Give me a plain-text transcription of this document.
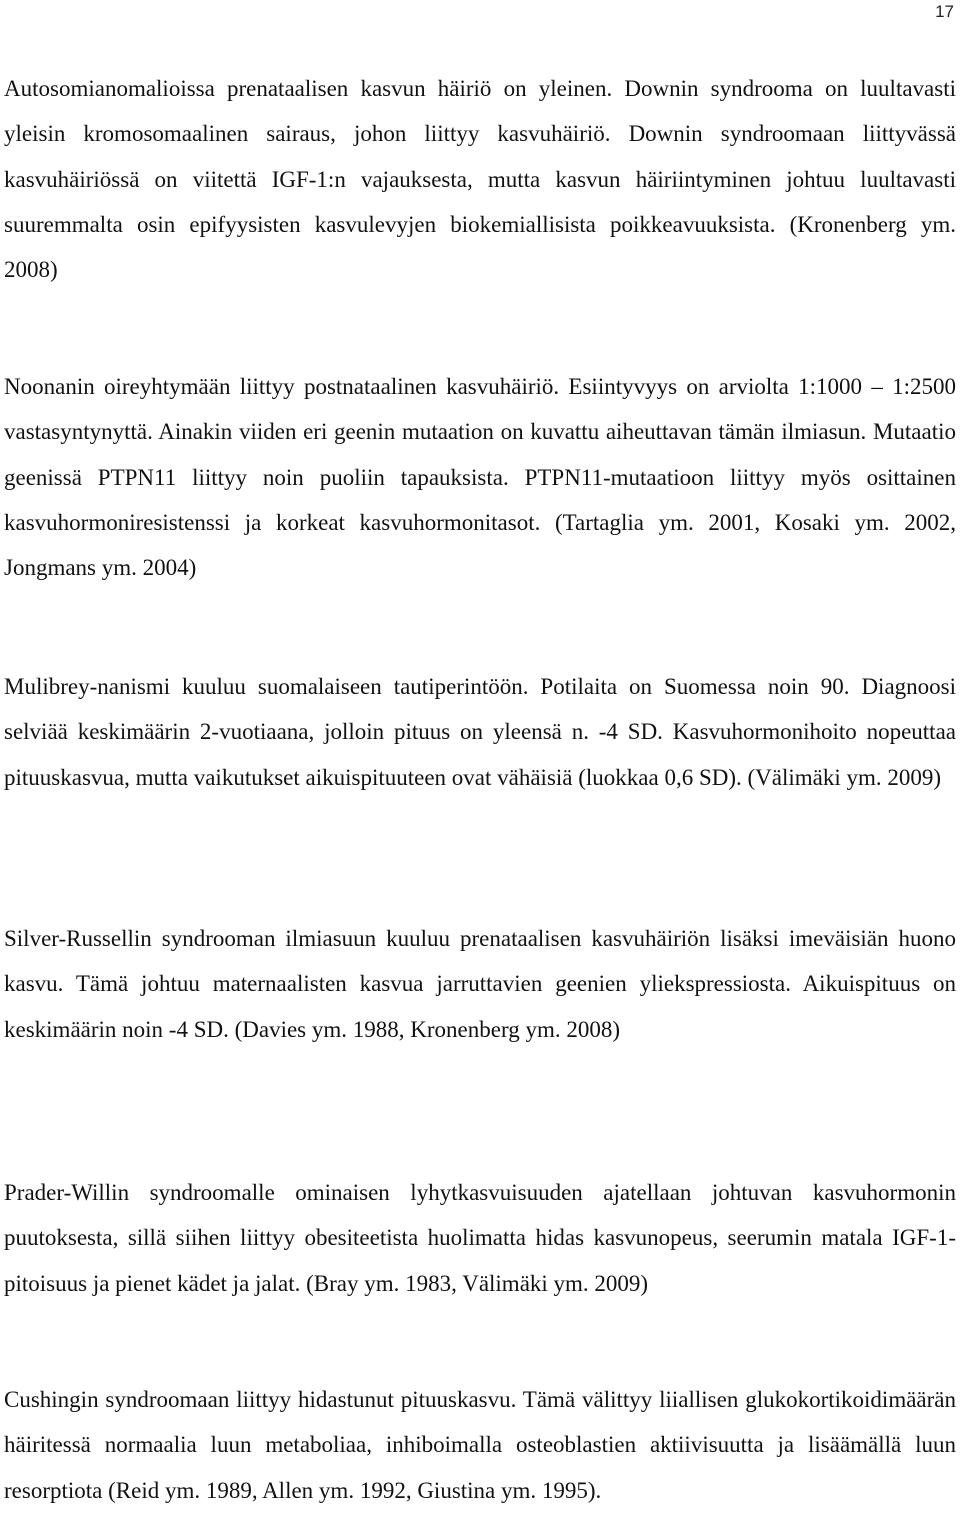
17

Autosomianomalioissa prenataalisen kasvun häiriö on yleinen. Downin syndrooma on luultavasti yleisin kromosomaalinen sairaus, johon liittyy kasvuhäiriö. Downin syndroomaan liittyvässä kasvuhäiriössä on viitettä IGF-1:n vajauksesta, mutta kasvun häiriintyminen johtuu luultavasti suuremmalta osin epifyysisten kasvulevyjen biokemiallisista poikkeavuuksista. (Kronenberg ym. 2008)

Noonanin oireyhtymään liittyy postnataalinen kasvuhäiriö. Esiintyvyys on arviolta 1:1000 – 1:2500 vastasyntynyttä. Ainakin viiden eri geenin mutaation on kuvattu aiheuttavan tämän ilmiasun. Mutaatio geenissä PTPN11 liittyy noin puoliin tapauksista. PTPN11-mutaatioon liittyy myös osittainen kasvuhormoniresistenssi ja korkeat kasvuhormonitasot. (Tartaglia ym. 2001, Kosaki ym. 2002, Jongmans ym. 2004)

Mulibrey-nanismi kuuluu suomalaiseen tautiperintöön. Potilaita on Suomessa noin 90. Diagnoosi selviää keskimäärin 2-vuotiaana, jolloin pituus on yleensä n. -4 SD. Kasvuhormonihoito nopeuttaa pituuskasvua, mutta vaikutukset aikuispituuteen ovat vähäisiä (luokkaa 0,6 SD). (Välimäki ym. 2009)

Silver-Russellin syndrooman ilmiasuun kuuluu prenataalisen kasvuhäiriön lisäksi imeväisiän huono kasvu. Tämä johtuu maternaalisten kasvua jarruttavien geenien yliekspressiosta. Aikuispituus on keskimäärin noin -4 SD. (Davies ym. 1988, Kronenberg ym. 2008)

Prader-Willin syndroomalle ominaisen lyhytkasvuisuuden ajatellaan johtuvan kasvuhormonin puutoksesta, sillä siihen liittyy obesiteetista huolimatta hidas kasvunopeus, seerumin matala IGF-1-pitoisuus ja pienet kädet ja jalat. (Bray ym. 1983, Välimäki ym. 2009)

Cushingin syndroomaan liittyy hidastunut pituuskasvu. Tämä välittyy liiallisen glukokortikoidimäärän häiritessä normaalia luun metaboliaa, inhiboimalla osteoblastien aktiivisuutta ja lisäämällä luun resorptiota (Reid ym. 1989, Allen ym. 1992, Giustina ym. 1995).
